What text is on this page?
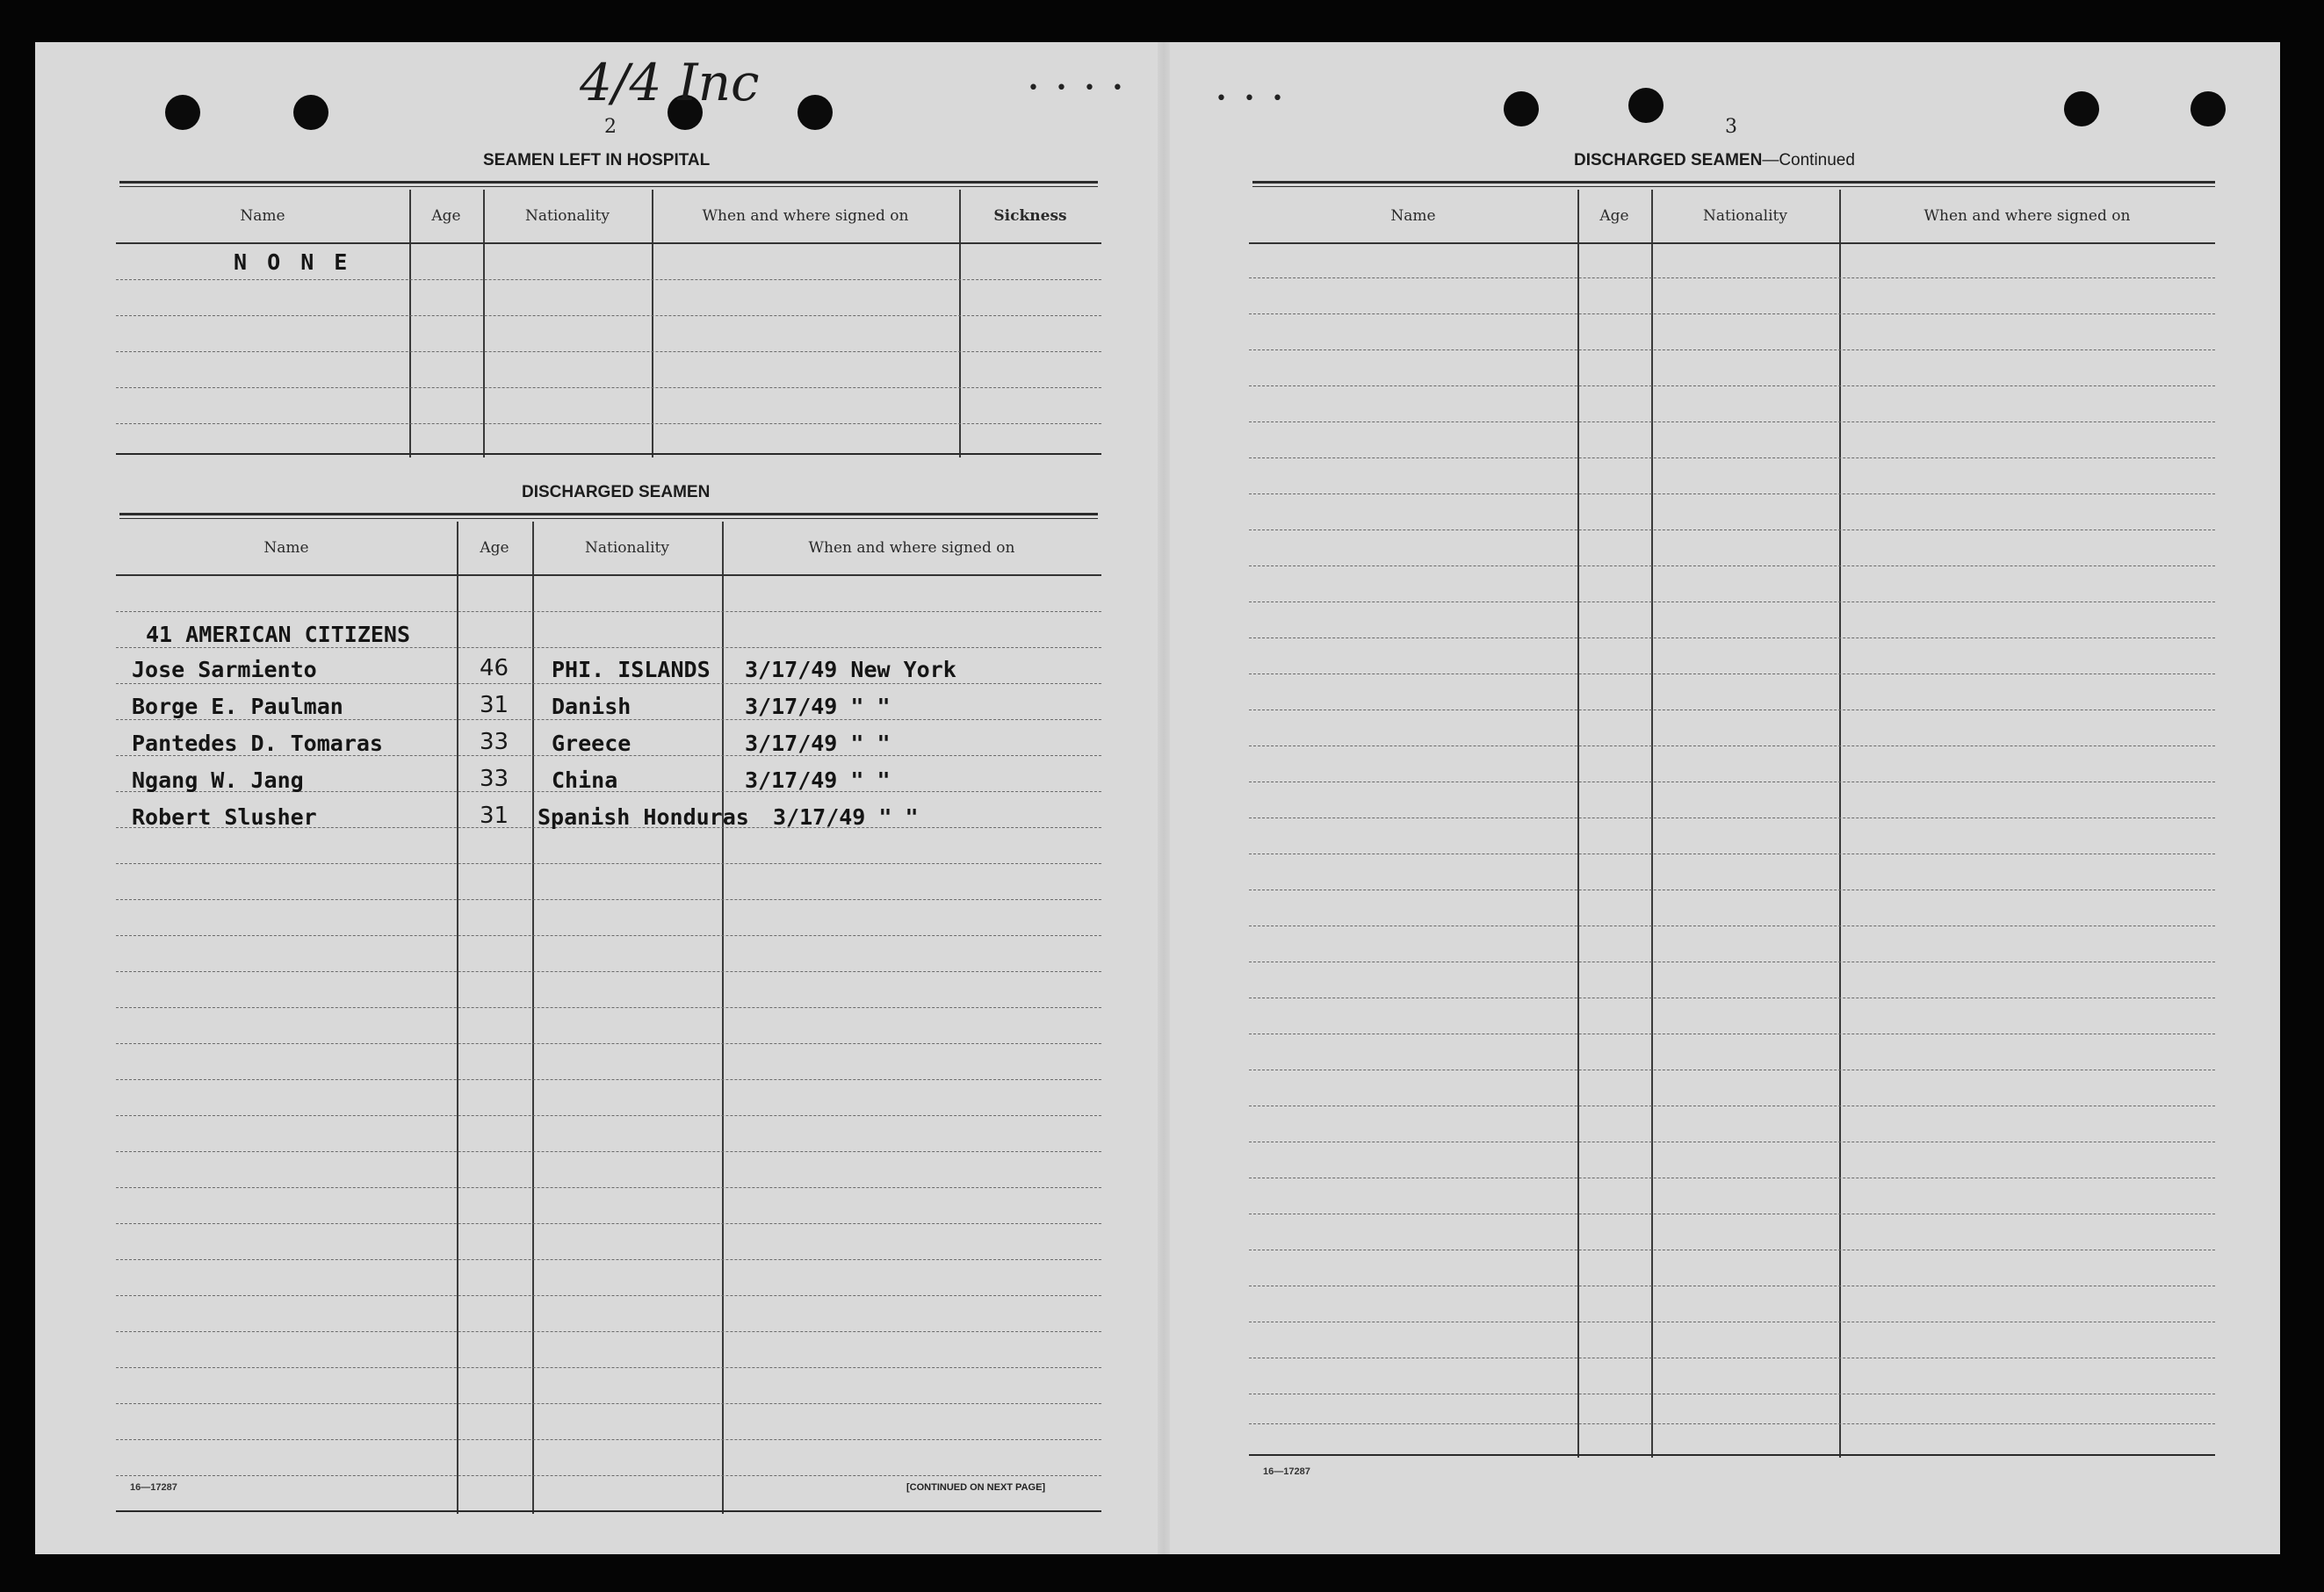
4/4 Inc	• • • •
2
SEAMEN LEFT IN HOSPITAL
Name	Age	Nationality	When and where signed on	Sickness
N O N E
DISCHARGED SEAMEN
Name	Age	Nationality	When and where signed on
41 AMERICAN CITIZENS
Jose Sarmiento	46 PHI. ISLANDS 3/17/49 New York
Borge E. Paulman	31 Danish	3/17/49 " "
Pantedes D. Tomaras	33 Greece	3/17/49 " "
Ngang W. Jang	33 China	3/17/49 " "
Robert Slusher	31 Spanish Honduras 3/17/49 " "
16—17287	[CONTINUED ON NEXT PAGE]
• • •
3
DISCHARGED SEAMEN—Continued
Name	Age	Nationality	When and where signed on
16—17287
